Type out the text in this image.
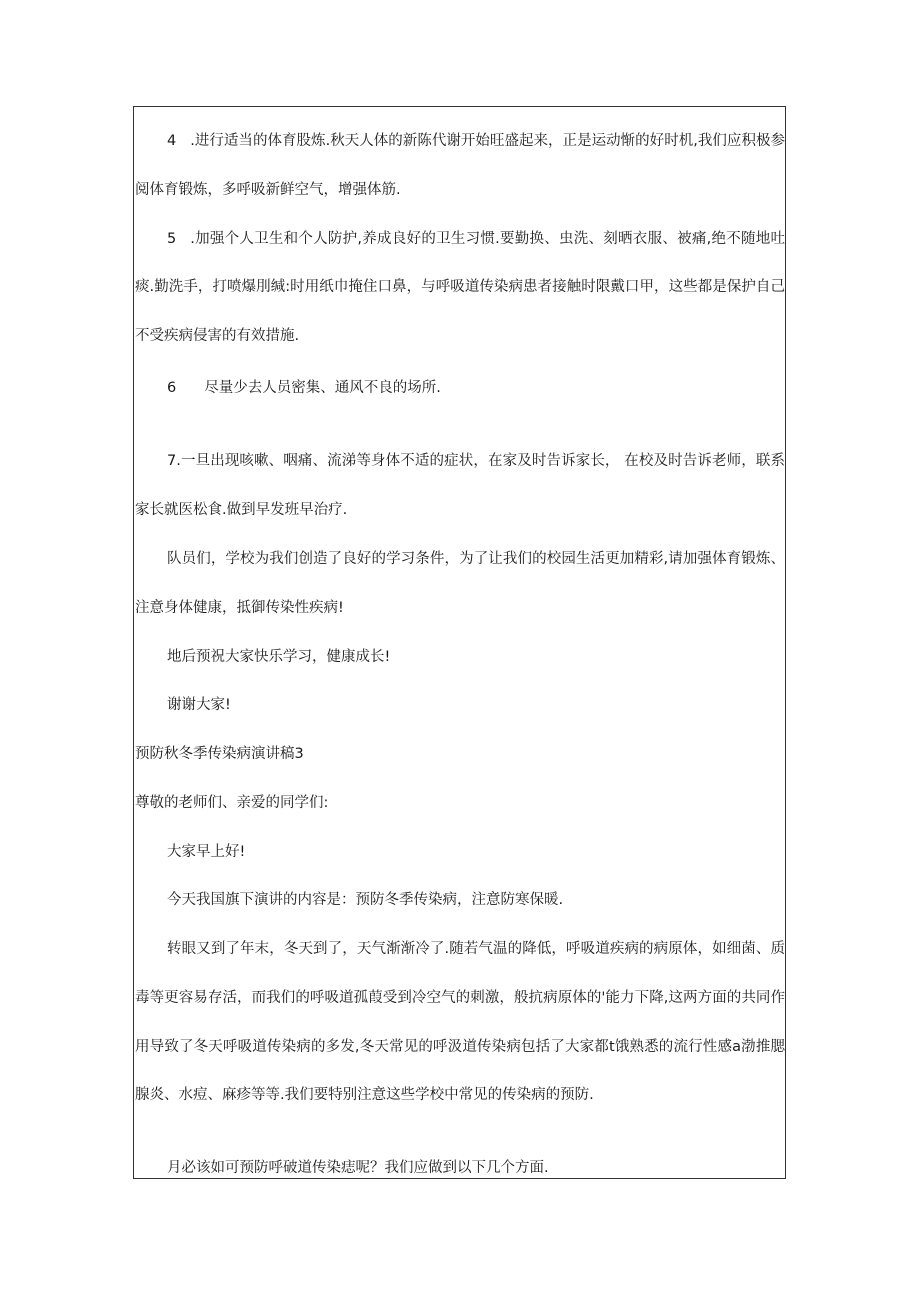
4 .进行适当的体育股炼.秋天人体的新陈代谢开始旺盛起来，正是运动惭的好时机,我们应积极参
阅体育锻炼，多呼吸新鲜空气，增强体筋.
5 .加强个人卫生和个人防护,养成良好的卫生习惯.要勤换、虫洗、刻晒衣服、被痛,绝不随地吐
痰.勤洗手，打喷爆刖缄:时用纸巾掩住口鼻，与呼吸道传染病患者接触时限戴口甲，这些都是保护自己
不受疾病侵害的有效措施.
6 尽量少去人员密集、通风不良的场所.
7.一旦出现咳嗽、咽痛、流涕等身体不适的症状，在家及时告诉家长， 在校及时告诉老师，联系
家长就医松食.做到早发班早治疗.
队员们，学校为我们创造了良好的学习条件，为了让我们的校园生活更加精彩,请加强体育锻炼、
注意身体健康，抵御传染性疾病!
地后预祝大家快乐学习，健康成长!
谢谢大家!
预防秋冬季传染病演讲稿3
尊敬的老师们、亲爱的同学们:
大家早上好!
今天我国旗下演讲的内容是：预防冬季传染病，注意防寒保暖.
转眼又到了年末，冬天到了，天气渐渐冷了.随若气温的降低，呼吸道疾病的病原体，如细菌、质
毒等更容易存活，而我们的呼吸道孤葭受到冷空气的刺激，般抗病原体的'能力下降,这两方面的共同作
用导致了冬天呼吸道传染病的多发,冬天常见的呼汲道传染病包括了大家都t饿熟悉的流行性感a渤推腮
腺炎、水痘、麻疹等等.我们要特别注意这些学校中常见的传染病的预防.
月必该如可预防呼破道传染痣呢？我们应做到以下几个方面.
